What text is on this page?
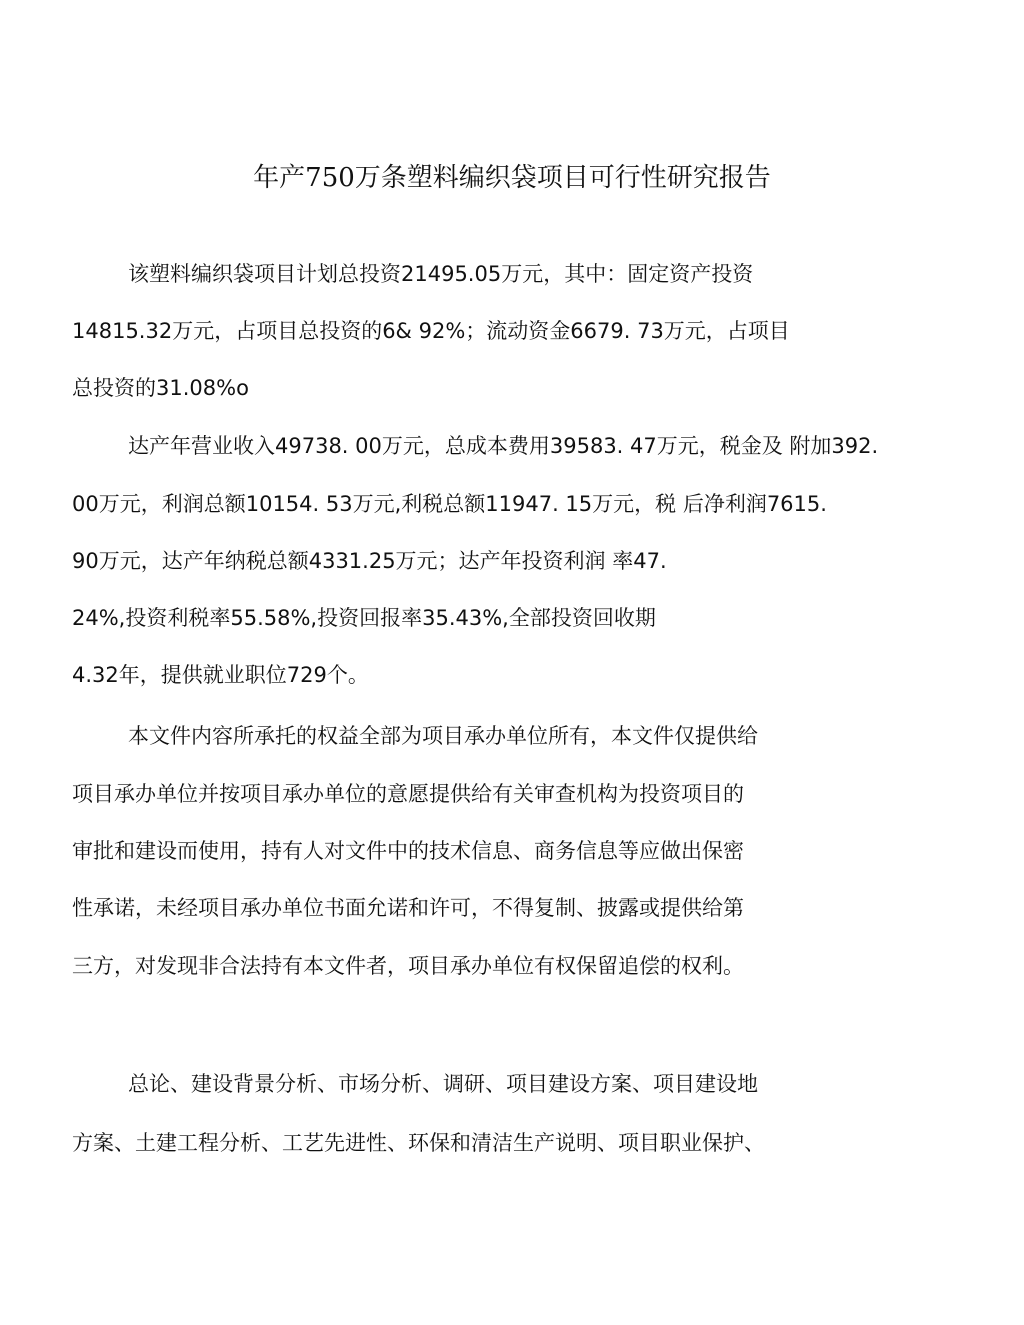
年产750万条塑料编织袋项目可行性研究报告
该塑料编织袋项目计划总投资21495.05万元，其中：固定资产投资
14815.32万元，占项目总投资的6& 92%；流动资金6679. 73万元，占项目
总投资的31.08%o
达产年营业收入49738. 00万元，总成本费用39583. 47万元，税金及 附加392.
00万元，利润总额10154. 53万元,利税总额11947. 15万元，税 后净利润7615.
90万元，达产年纳税总额4331.25万元；达产年投资利润 率47.
24%,投资利税率55.58%,投资回报率35.43%,全部投资回收期
4.32年，提供就业职位729个。
本文件内容所承托的权益全部为项目承办单位所有，本文件仅提供给
项目承办单位并按项目承办单位的意愿提供给有关审查机构为投资项目的
审批和建设而使用，持有人对文件中的技术信息、商务信息等应做出保密
性承诺，未经项目承办单位书面允诺和许可，不得复制、披露或提供给第
三方，对发现非合法持有本文件者，项目承办单位有权保留追偿的权利。
总论、建设背景分析、市场分析、调研、项目建设方案、项目建设地
方案、土建工程分析、工艺先进性、环保和清洁生产说明、项目职业保护、
